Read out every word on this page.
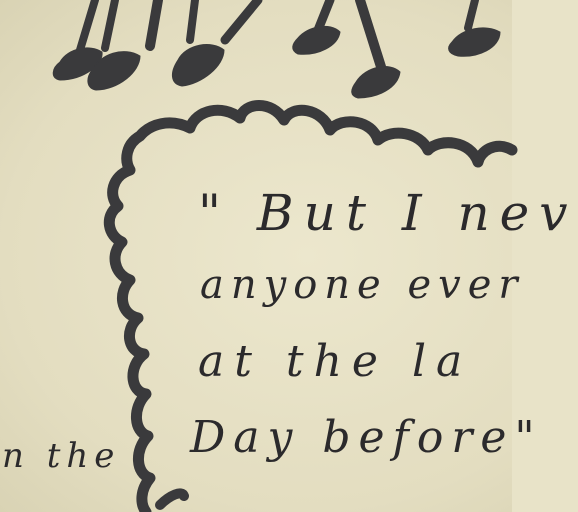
" But I nev
anyone ever
at the la
Day before"
n the
